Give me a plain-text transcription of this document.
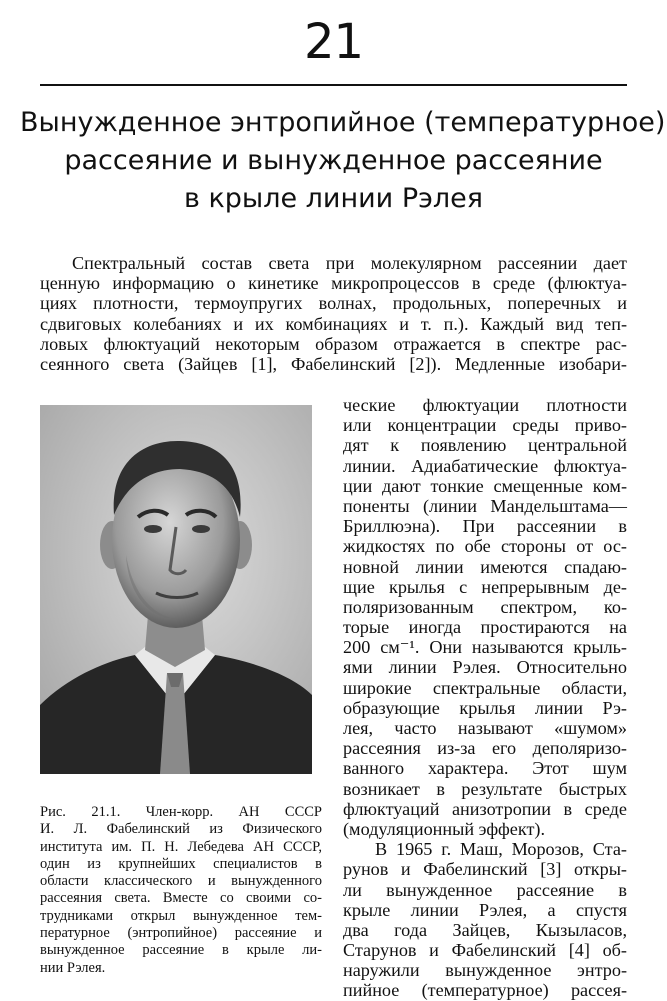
21
Вынужденное энтропийное (температурное)
рассеяние и вынужденное рассеяние
в крыле линии Рэлея
Спектральный состав света при молекулярном рассеянии дает
ценную информацию о кинетике микропроцессов в среде (флюктуа-
циях плотности, термоупругих волнах, продольных, поперечных и
сдвиговых колебаниях и их комбинациях и т. п.). Каждый вид теп-
ловых флюктуаций некоторым образом отражается в спектре рас-
сеянного света (Зайцев [1], Фабелинский [2]). Медленные изобари-
ческие флюктуации плотности
или концентрации среды приво-
дят к появлению центральной
линии. Адиабатические флюктуа-
ции дают тонкие смещенные ком-
поненты (линии Мандельштама—
Бриллюэна). При рассеянии в
жидкостях по обе стороны от ос-
новной линии имеются спадаю-
щие крылья с непрерывным де-
поляризованным спектром, ко-
торые иногда простираются на
200 см⁻¹. Они называются крыль-
ями линии Рэлея. Относительно
широкие спектральные области,
образующие крылья линии Рэ-
лея, часто называют «шумом»
рассеяния из-за его деполяризо-
ванного характера. Этот шум
возникает в результате быстрых
флюктуаций анизотропии в среде
(модуляционный эффект).
В 1965 г. Маш, Морозов, Ста-
рунов и Фабелинский [3] откры-
ли вынужденное рассеяние в
крыле линии Рэлея, а спустя
два года Зайцев, Кызыласов,
Старунов и Фабелинский [4] об-
наружили вынужденное энтро-
пийное (температурное) рассея-
Рис. 21.1. Член-корр. АН СССР
И. Л. Фабелинский из Физического
института им. П. Н. Лебедева АН СССР,
один из крупнейших специалистов в
области классического и вынужденного
рассеяния света. Вместе со своими со-
трудниками открыл вынужденное тем-
пературное (энтропийное) рассеяние и
вынужденное рассеяние в крыле ли-
нии Рэлея.
